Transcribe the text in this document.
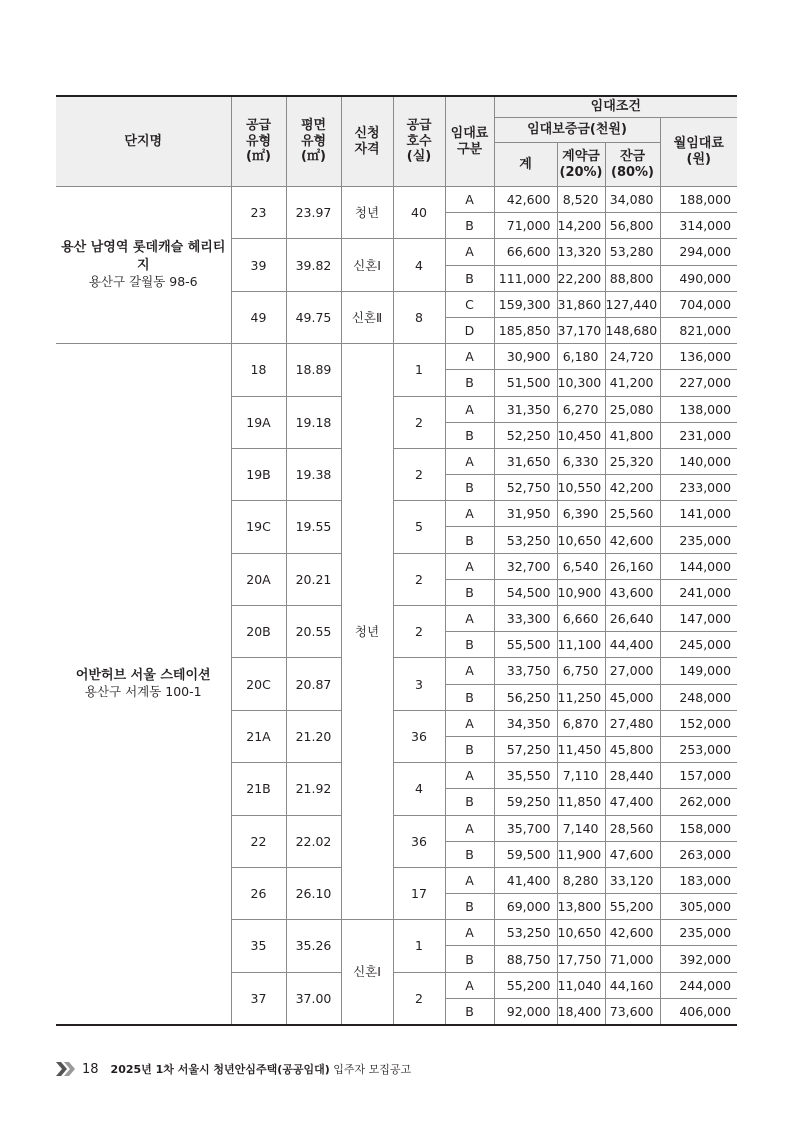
단지명	공급
유형
(㎡)	평면
유형
(㎡)	신청
자격	공급
호수
(실)	임대료
구분	임대조건			
						임대보증금(천원)			월임대료
(원)
						계	계약금
(20%)	잔금
(80%)	

용산 남영역 롯데캐슬 헤리티지
용산구 갈월동 98-6	23	23.97	청년	40	A	42,600	8,520	34,080	188,000
					B	71,000	14,200	56,800	314,000
	39	39.82	신혼Ⅰ	4	A	66,600	13,320	53,280	294,000
					B	111,000	22,200	88,800	490,000
	49	49.75	신혼Ⅱ	8	C	159,300	31,860	127,440	704,000
					D	185,850	37,170	148,680	821,000

어반허브 서울 스테이션
용산구 서계동 100-1	18	18.89	청년	1	A	30,900	6,180	24,720	136,000
					B	51,500	10,300	41,200	227,000
	19A	19.18		2	A	31,350	6,270	25,080	138,000
					B	52,250	10,450	41,800	231,000
	19B	19.38		2	A	31,650	6,330	25,320	140,000
					B	52,750	10,550	42,200	233,000
	19C	19.55		5	A	31,950	6,390	25,560	141,000
					B	53,250	10,650	42,600	235,000
	20A	20.21		2	A	32,700	6,540	26,160	144,000
					B	54,500	10,900	43,600	241,000
	20B	20.55		2	A	33,300	6,660	26,640	147,000
					B	55,500	11,100	44,400	245,000
	20C	20.87		3	A	33,750	6,750	27,000	149,000
					B	56,250	11,250	45,000	248,000
	21A	21.20		36	A	34,350	6,870	27,480	152,000
					B	57,250	11,450	45,800	253,000
	21B	21.92		4	A	35,550	7,110	28,440	157,000
					B	59,250	11,850	47,400	262,000
	22	22.02		36	A	35,700	7,140	28,560	158,000
					B	59,500	11,900	47,600	263,000
	26	26.10		17	A	41,400	8,280	33,120	183,000
					B	69,000	13,800	55,200	305,000
	35	35.26	신혼Ⅰ	1	A	53,250	10,650	42,600	235,000
					B	88,750	17,750	71,000	392,000
	37	37.00		2	A	55,200	11,040	44,160	244,000
					B	92,000	18,400	73,600	406,000
18 2025년 1차 서울시 청년안심주택(공공임대) 입주자 모집공고
